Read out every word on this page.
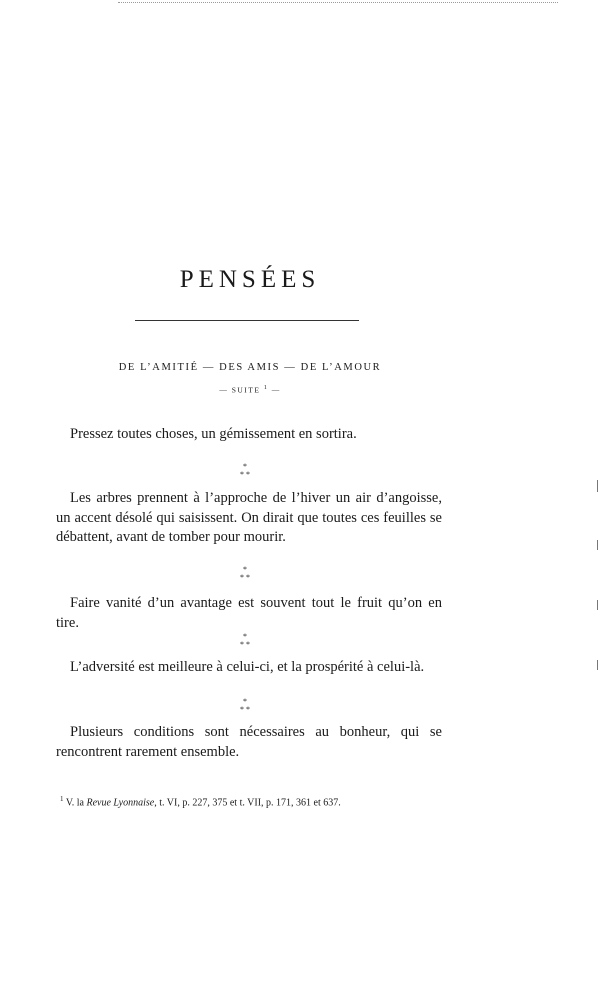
PENSÉES
DE L’AMITIÉ — DES AMIS — DE L’AMOUR
— SUITE $^1$ —

Pressez toutes choses, un gémissement en sortira.

*
* *

Les arbres prennent à l’approche de l’hiver un air d’angoisse, un accent désolé qui saisissent. On dirait que toutes ces feuilles se débattent, avant de tomber pour mourir.

*
* *

Faire vanité d’un avantage est souvent tout le fruit qu’on en tire.

*
* *

L’adversité est meilleure à celui-ci, et la prospérité à celui-là.

*
* *

Plusieurs conditions sont nécessaires au bonheur, qui se rencontrent rarement ensemble.

$^1$ V. la Revue Lyonnaise, t. VI, p. 227, 375 et t. VII, p. 171, 361 et 637.
